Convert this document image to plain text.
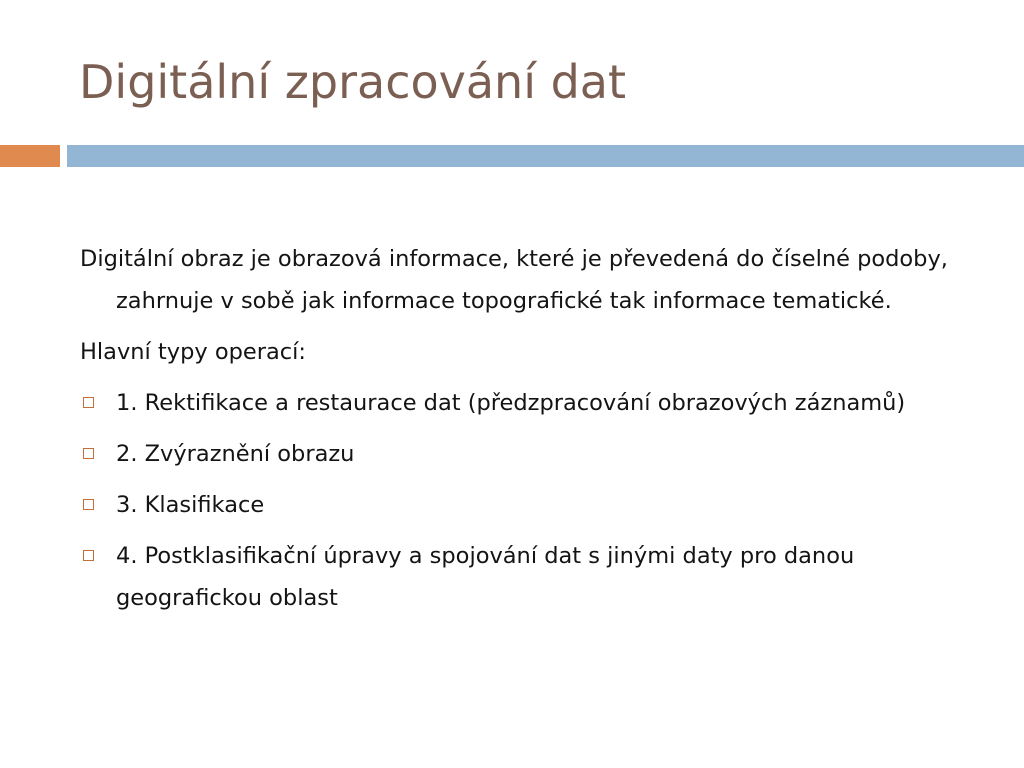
Digitální zpracování dat

Digitální obraz je obrazová informace, které je převedená do číselné podoby, zahrnuje v sobě jak informace topografické tak informace tematické.

Hlavní typy operací:

1. Rektifikace a restaurace dat (předzpracování obrazových záznamů)
2. Zvýraznění obrazu
3. Klasifikace
4. Postklasifikační úpravy a spojování dat s jinými daty pro danou geografickou oblast
